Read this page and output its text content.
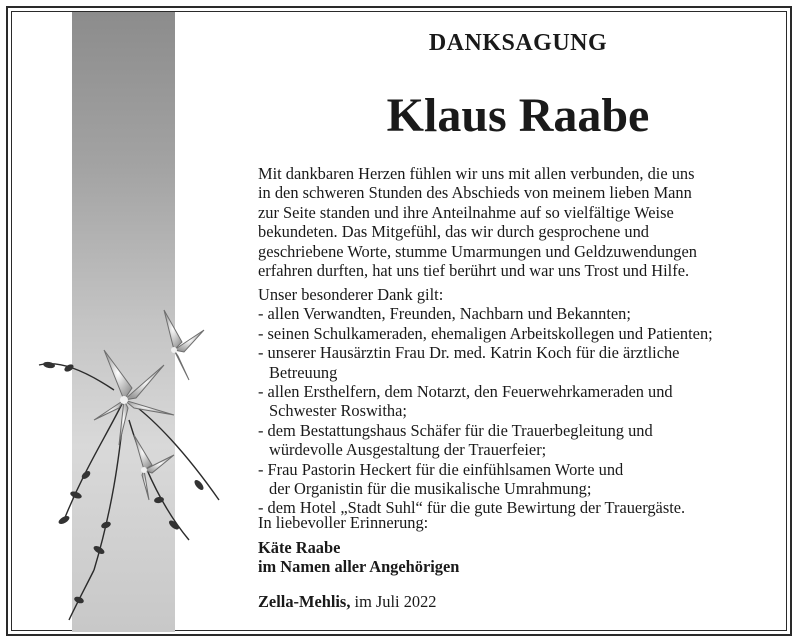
DANKSAGUNG
Klaus Raabe
Mit dankbaren Herzen fühlen wir uns mit allen verbunden, die uns
in den schweren Stunden des Abschieds von meinem lieben Mann
zur Seite standen und ihre Anteilnahme auf so vielfältige Weise
bekundeten. Das Mitgefühl, das wir durch gesprochene und
geschriebene Worte, stumme Umarmungen und Geldzuwendungen
erfahren durften, hat uns tief berührt und war uns Trost und Hilfe.
Unser besonderer Dank gilt:
- allen Verwandten, Freunden, Nachbarn und Bekannten;
- seinen Schulkameraden, ehemaligen Arbeitskollegen und Patienten;
- unserer Hausärztin Frau Dr. med. Katrin Koch für die ärztliche
Betreuung
- allen Ersthelfern, dem Notarzt, den Feuerwehrkameraden und
Schwester Roswitha;
- dem Bestattungshaus Schäfer für die Trauerbegleitung und
würdevolle Ausgestaltung der Trauerfeier;
- Frau Pastorin Heckert für die einfühlsamen Worte und
der Organistin für die musikalische Umrahmung;
- dem Hotel „Stadt Suhl“ für die gute Bewirtung der Trauergäste.
In liebevoller Erinnerung:
Käte Raabe
im Namen aller Angehörigen
Zella-Mehlis, im Juli 2022
